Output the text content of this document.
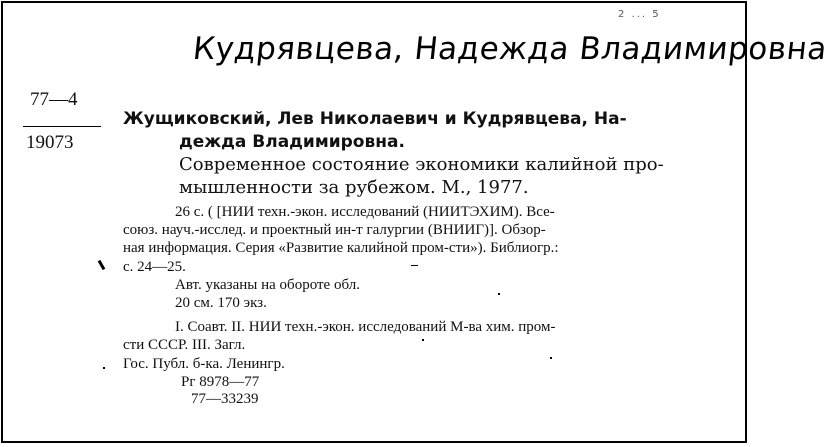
2 ... 5
Кудрявцева, Надежда Владимировна
77—4
19073
Жущиковский, Лев Николаевич и Кудрявцева, На-
дежда Владимировна.
Современное состояние экономики калийной про-
мышленности за рубежом. М., 1977.
26 с. ( [НИИ техн.-экон. исследований (НИИТЭХИМ). Все-
союз. науч.-исслед. и проектный ин-т галургии (ВНИИГ)]. Обзор-
ная информация. Серия «Развитие калийной пром-сти»). Библиогр.:
с. 24—25.
Авт. указаны на обороте обл.
20 см. 170 экз.
I. Соавт. II. НИИ техн.-экон. исследований М-ва хим. пром-
сти СССР. III. Загл.
Гос. Публ. б-ка. Ленингр.
Рг 8978—77
77—33239
